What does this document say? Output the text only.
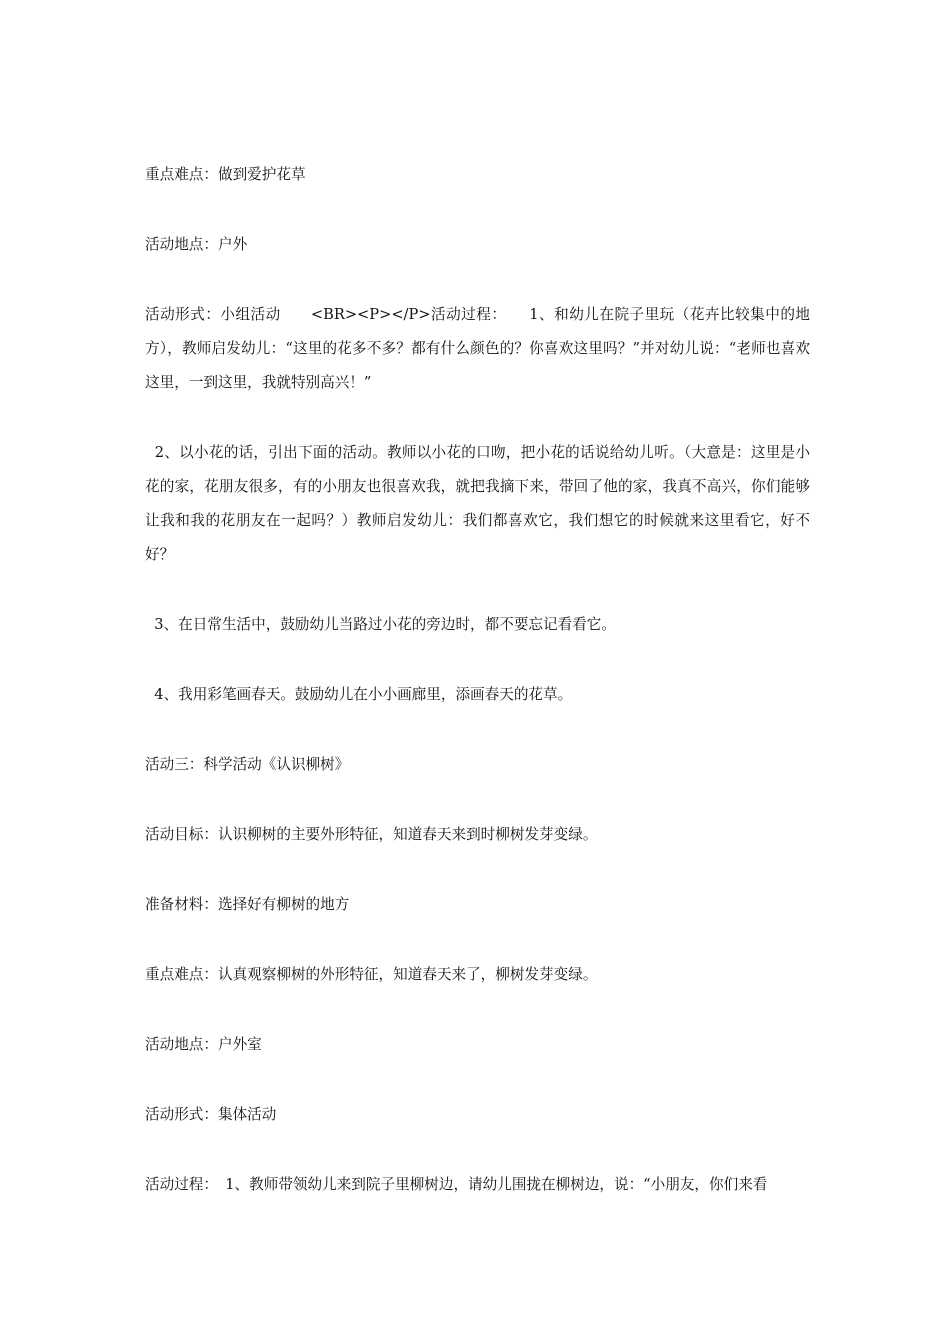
重点难点：做到爱护花草

活动地点：户外

活动形式：小组活动　　<BR><P></P>活动过程：　　1、和幼儿在院子里玩（花卉比较集中的地方），教师启发幼儿：“这里的花多不多？都有什么颜色的？你喜欢这里吗？”并对幼儿说：“老师也喜欢这里，一到这里，我就特别高兴！”

2、以小花的话，引出下面的活动。教师以小花的口吻，把小花的话说给幼儿听。（大意是：这里是小花的家，花朋友很多，有的小朋友也很喜欢我，就把我摘下来，带回了他的家，我真不高兴，你们能够让我和我的花朋友在一起吗？）教师启发幼儿：我们都喜欢它，我们想它的时候就来这里看它，好不好？

3、在日常生活中，鼓励幼儿当路过小花的旁边时，都不要忘记看看它。

4、我用彩笔画春天。鼓励幼儿在小小画廊里，添画春天的花草。

活动三：科学活动《认识柳树》

活动目标：认识柳树的主要外形特征，知道春天来到时柳树发芽变绿。

准备材料：选择好有柳树的地方

重点难点：认真观察柳树的外形特征，知道春天来了，柳树发芽变绿。

活动地点：户外室

活动形式：集体活动

活动过程：　1、教师带领幼儿来到院子里柳树边，请幼儿围拢在柳树边，说：“小朋友，你们来看
